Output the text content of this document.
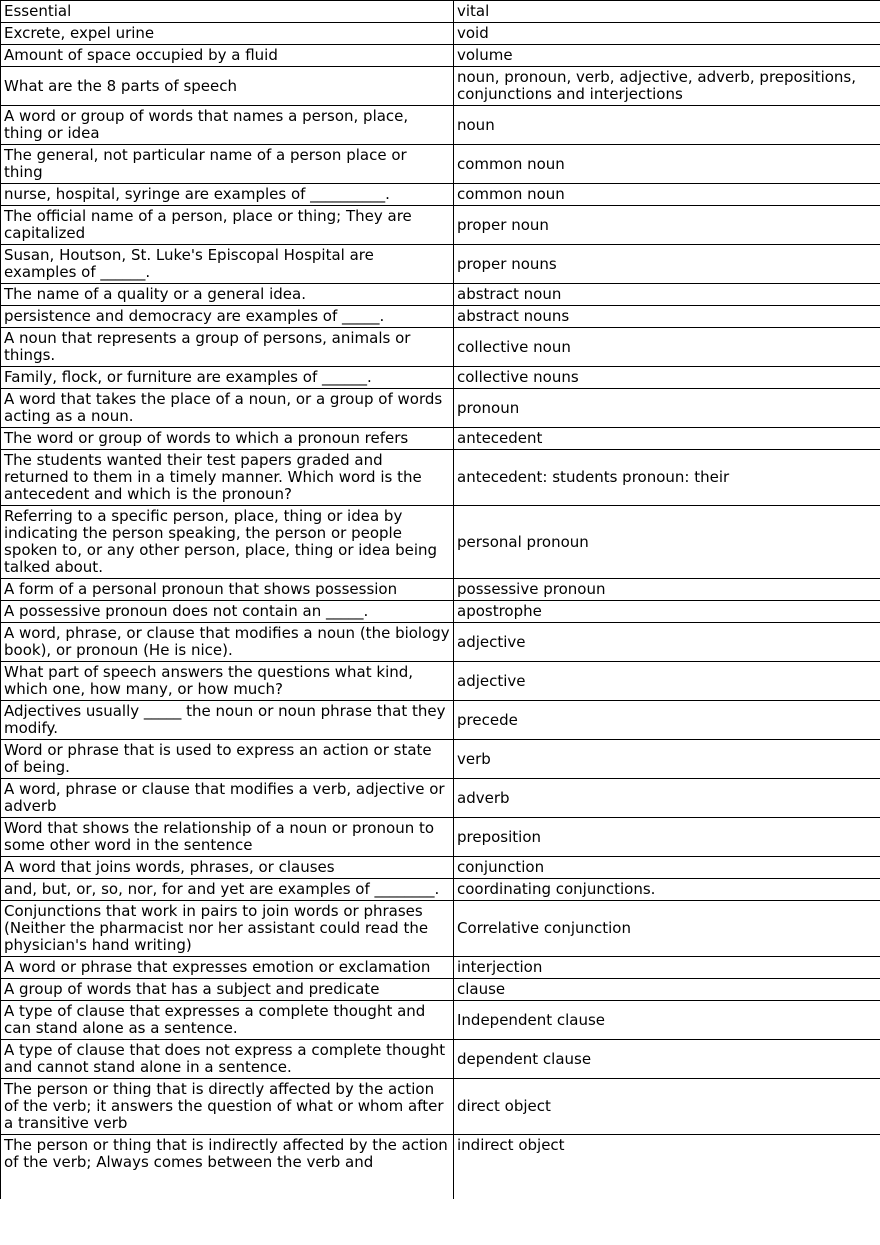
Essential	vital
Excrete, expel urine	void
Amount of space occupied by a fluid	volume
What are the 8 parts of speech	noun, pronoun, verb, adjective, adverb, prepositions, conjunctions and interjections
A word or group of words that names a person, place, thing or idea	noun
The general, not particular name of a person place or thing	common noun
nurse, hospital, syringe are examples of __________.	common noun
The official name of a person, place or thing; They are capitalized	proper noun
Susan, Houtson, St. Luke's Episcopal Hospital are examples of ______.	proper nouns
The name of a quality or a general idea.	abstract noun
persistence and democracy are examples of _____.	abstract nouns
A noun that represents a group of persons, animals or things.	collective noun
Family, flock, or furniture are examples of ______.	collective nouns
A word that takes the place of a noun, or a group of words acting as a noun.	pronoun
The word or group of words to which a pronoun refers	antecedent
The students wanted their test papers graded and returned to them in a timely manner. Which word is the antecedent and which is the pronoun?	antecedent: students pronoun: their
Referring to a specific person, place, thing or idea by indicating the person speaking, the person or people spoken to, or any other person, place, thing or idea being talked about.	personal pronoun
A form of a personal pronoun that shows possession	possessive pronoun
A possessive pronoun does not contain an _____.	apostrophe
A word, phrase, or clause that modifies a noun (the biology book), or pronoun (He is nice).	adjective
What part of speech answers the questions what kind, which one, how many, or how much?	adjective
Adjectives usually _____ the noun or noun phrase that they modify.	precede
Word or phrase that is used to express an action or state of being.	verb
A word, phrase or clause that modifies a verb, adjective or adverb	adverb
Word that shows the relationship of a noun or pronoun to some other word in the sentence	preposition
A word that joins words, phrases, or clauses	conjunction
and, but, or, so, nor, for and yet are examples of ________.	coordinating conjunctions.
Conjunctions that work in pairs to join words or phrases (Neither the pharmacist nor her assistant could read the physician's hand writing)	Correlative conjunction
A word or phrase that expresses emotion or exclamation	interjection
A group of words that has a subject and predicate	clause
A type of clause that expresses a complete thought and can stand alone as a sentence.	Independent clause
A type of clause that does not express a complete thought and cannot stand alone in a sentence.	dependent clause
The person or thing that is directly affected by the action of the verb; it answers the question of what or whom after a transitive verb	direct object
The person or thing that is indirectly affected by the action of the verb; Always comes between the verb and	indirect object
